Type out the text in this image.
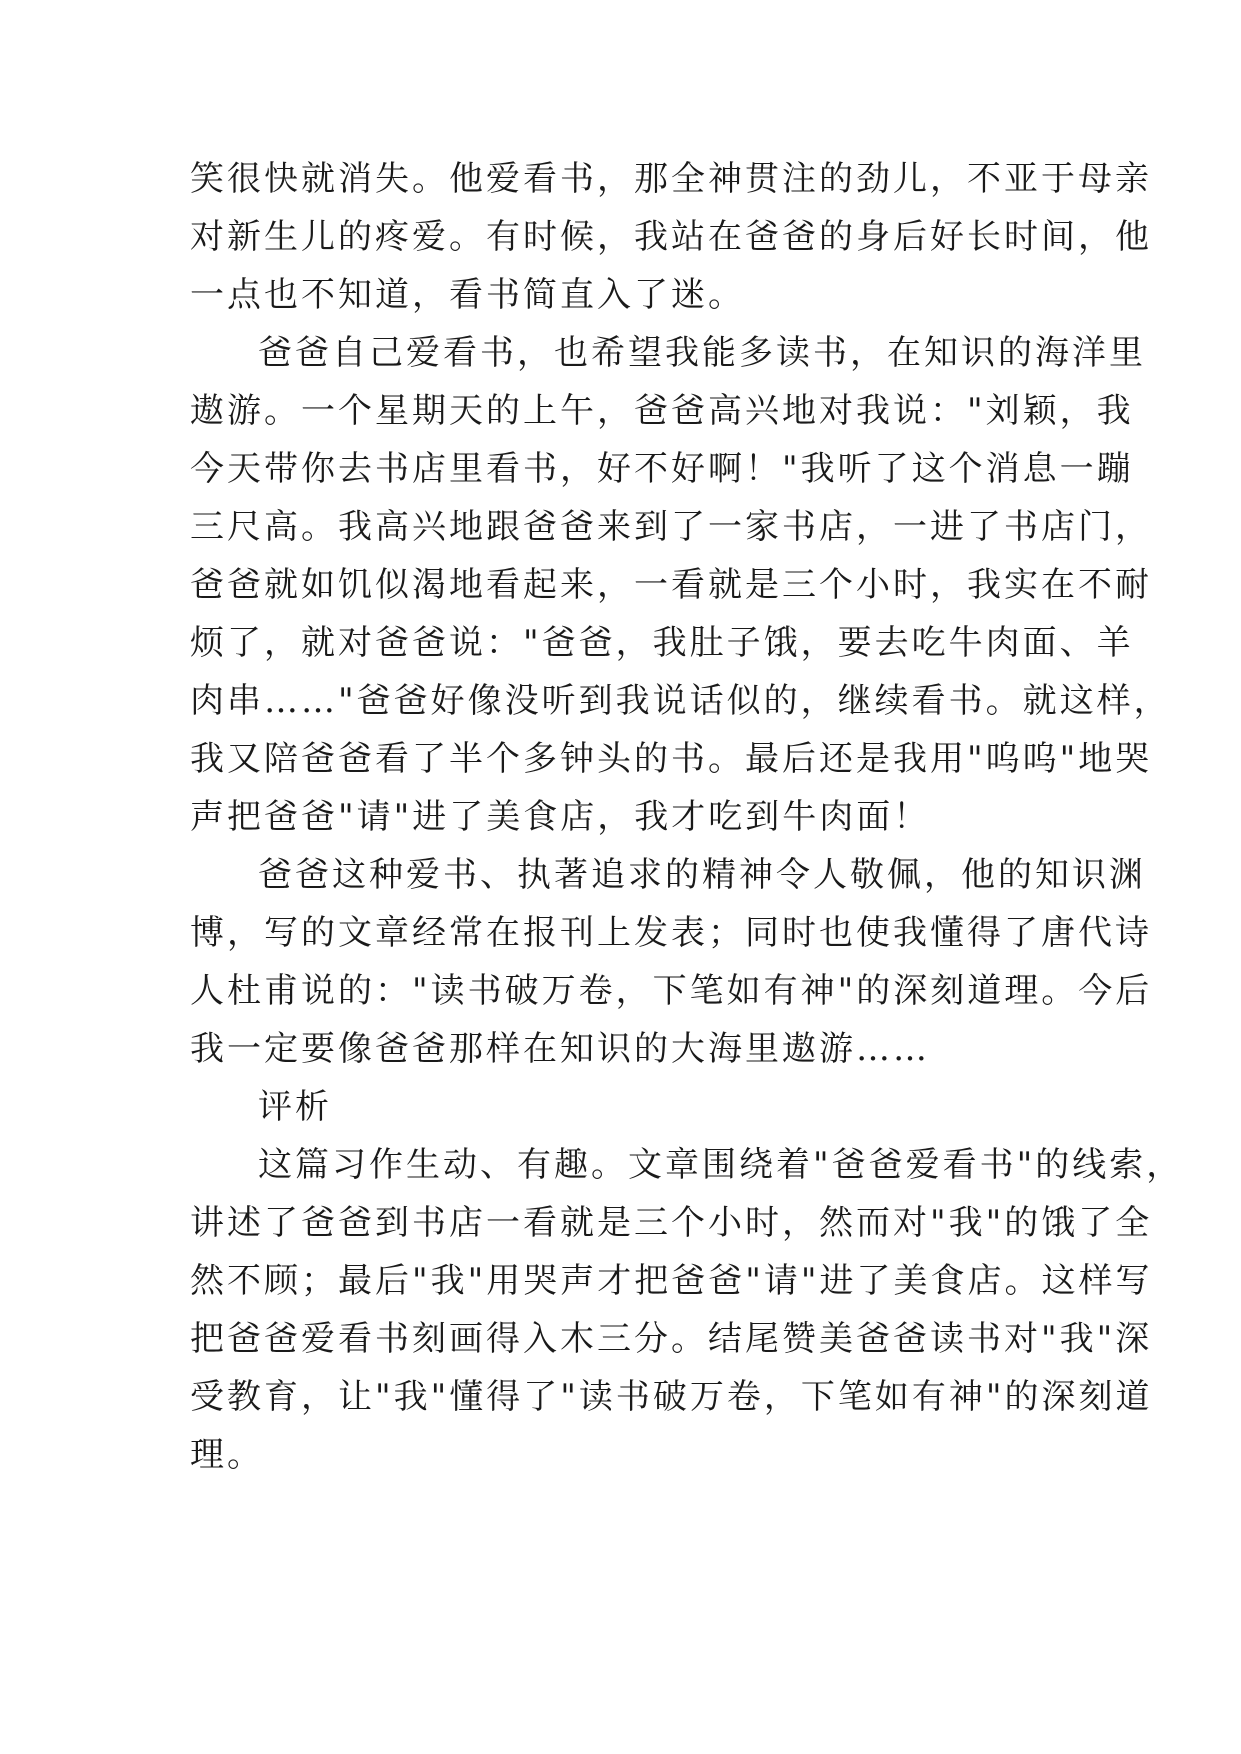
笑很快就消失。他爱看书，那全神贯注的劲儿，不亚于母亲
对新生儿的疼爱。有时候，我站在爸爸的身后好长时间，他
一点也不知道，看书简直入了迷。
爸爸自己爱看书，也希望我能多读书，在知识的海洋里
遨游。一个星期天的上午，爸爸高兴地对我说："刘颖，我
今天带你去书店里看书，好不好啊！"我听了这个消息一蹦
三尺高。我高兴地跟爸爸来到了一家书店，一进了书店门，
爸爸就如饥似渴地看起来，一看就是三个小时，我实在不耐
烦了，就对爸爸说："爸爸，我肚子饿，要去吃牛肉面、羊
肉串……"爸爸好像没听到我说话似的，继续看书。就这样，
我又陪爸爸看了半个多钟头的书。最后还是我用"呜呜"地哭
声把爸爸"请"进了美食店，我才吃到牛肉面！
爸爸这种爱书、执著追求的精神令人敬佩，他的知识渊
博，写的文章经常在报刊上发表；同时也使我懂得了唐代诗
人杜甫说的："读书破万卷，下笔如有神"的深刻道理。今后
我一定要像爸爸那样在知识的大海里遨游……
评析
这篇习作生动、有趣。文章围绕着"爸爸爱看书"的线索，
讲述了爸爸到书店一看就是三个小时，然而对"我"的饿了全
然不顾；最后"我"用哭声才把爸爸"请"进了美食店。这样写
把爸爸爱看书刻画得入木三分。结尾赞美爸爸读书对"我"深
受教育，让"我"懂得了"读书破万卷，下笔如有神"的深刻道
理。
